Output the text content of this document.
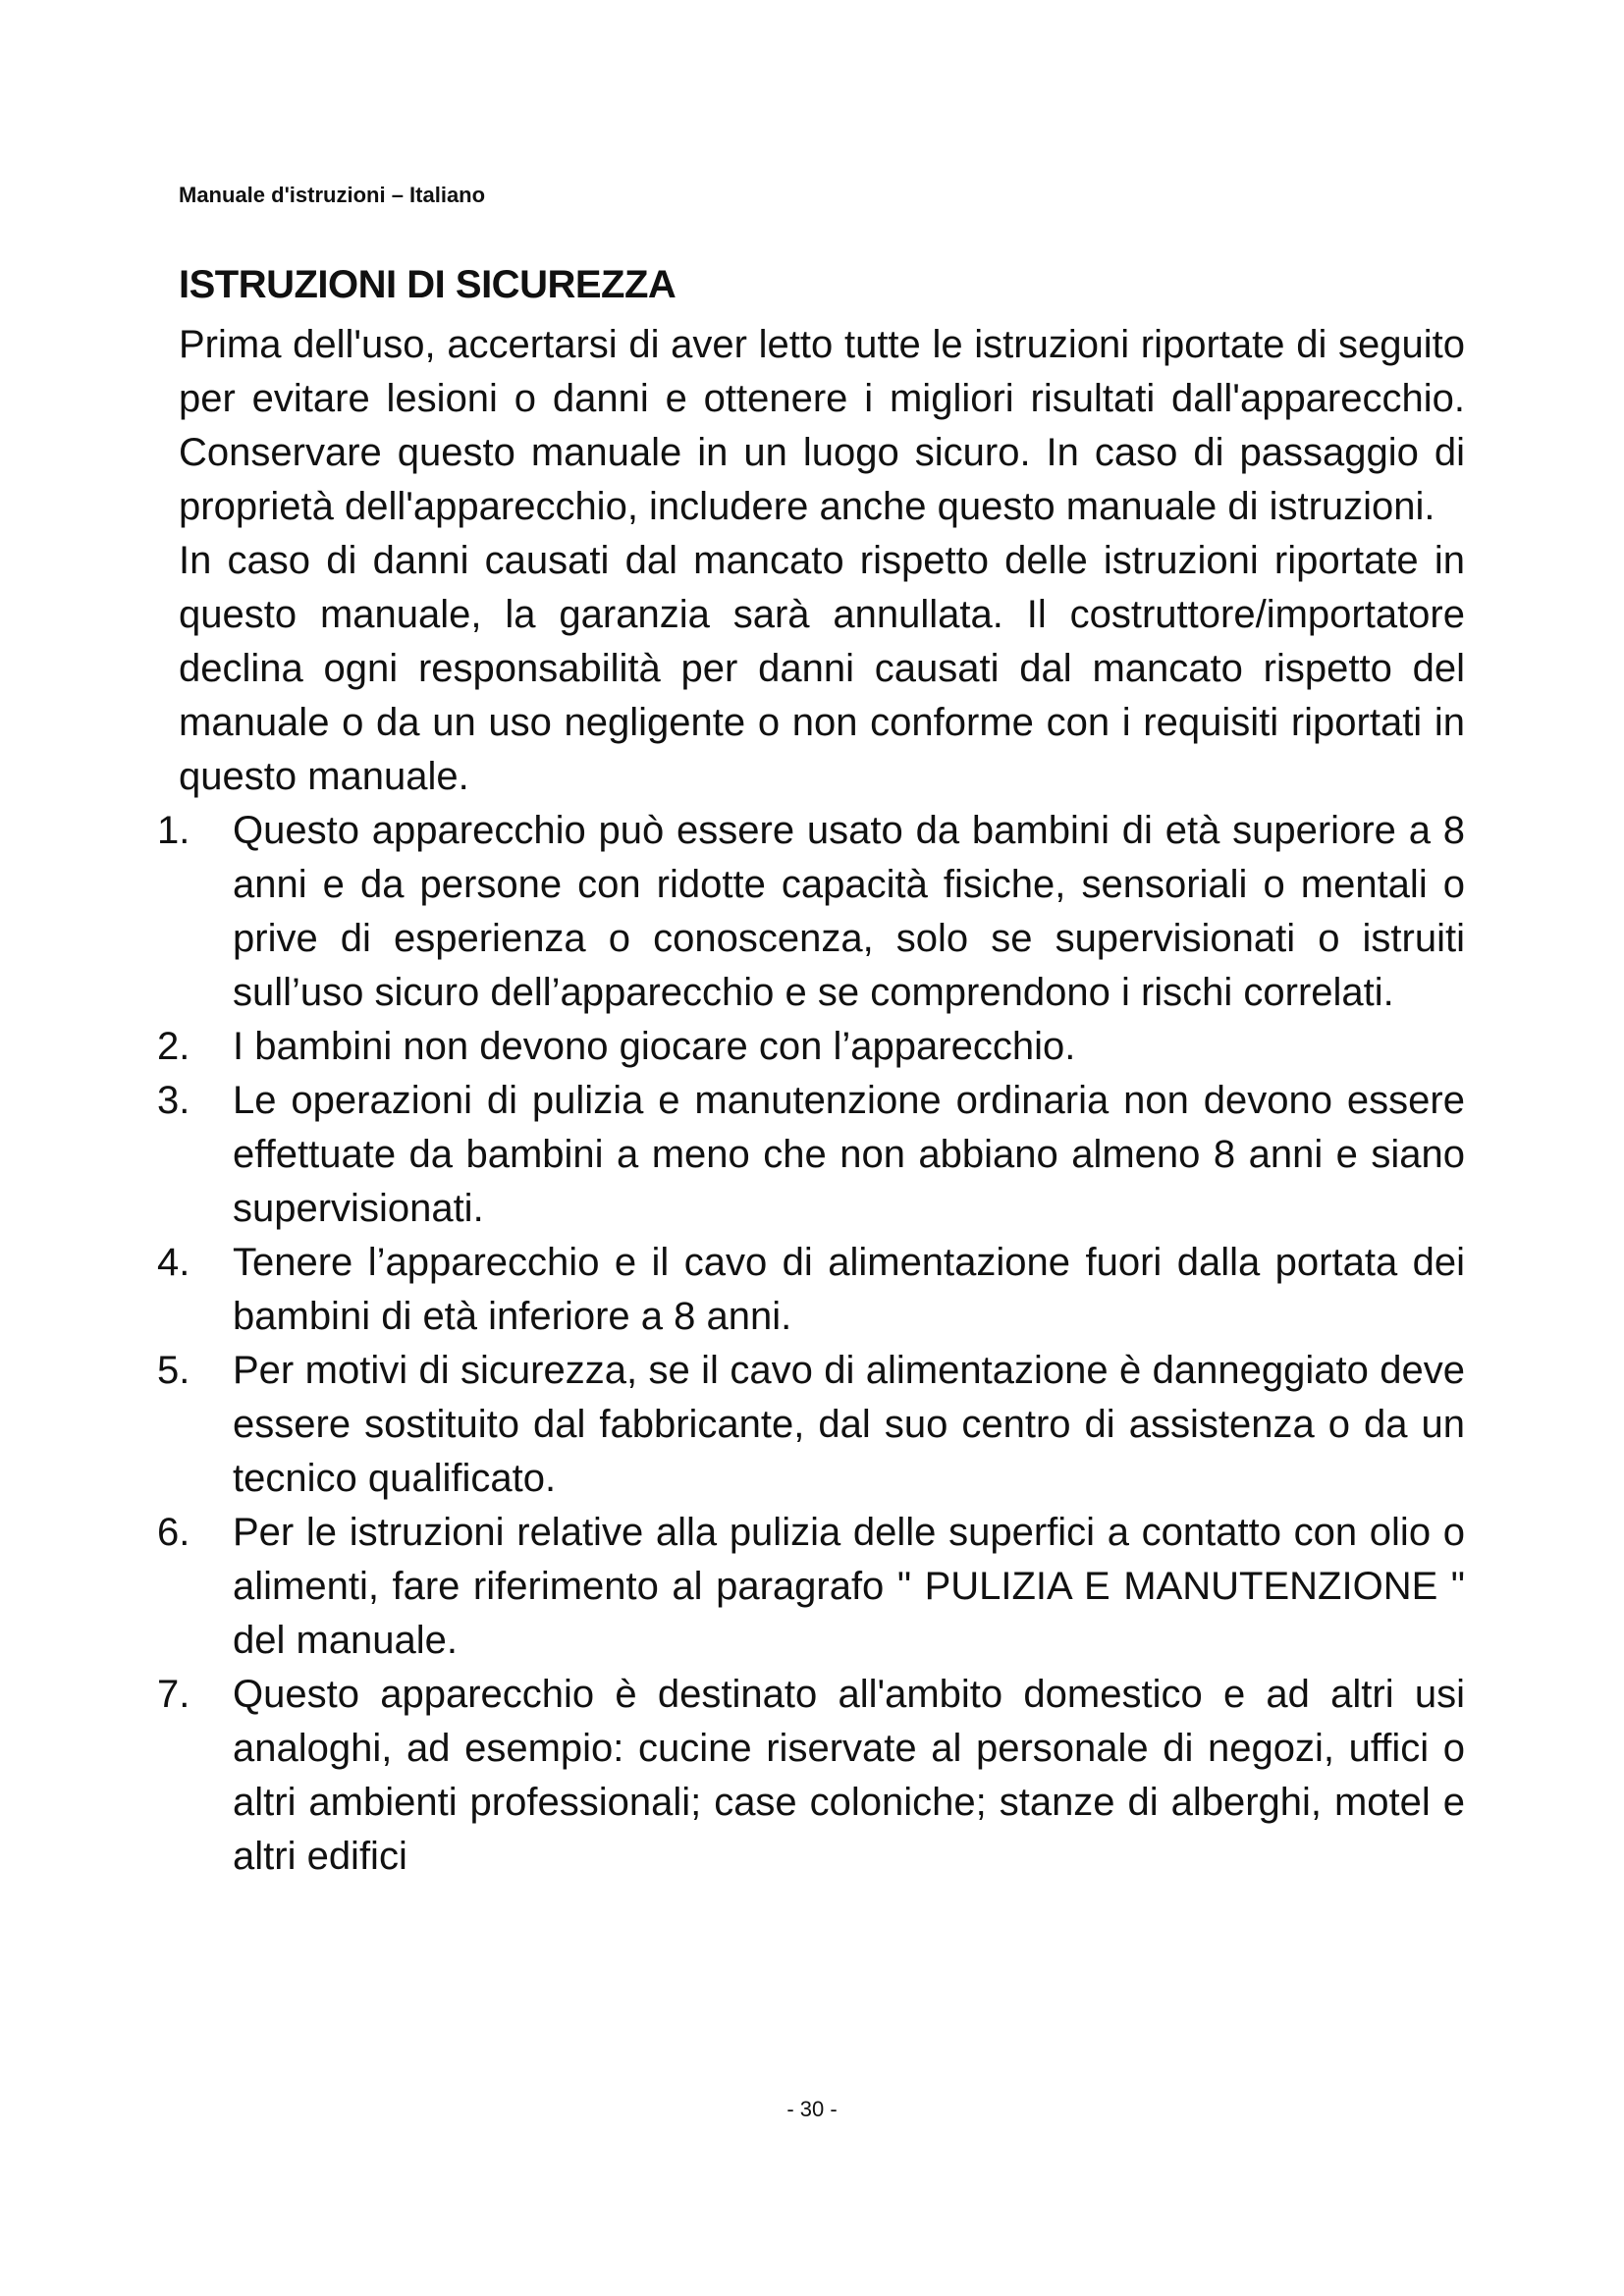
Manuale d'istruzioni – Italiano
ISTRUZIONI DI SICUREZZA

Prima dell'uso, accertarsi di aver letto tutte le istruzioni riportate di seguito per evitare lesioni o danni e ottenere i migliori risultati dall'apparecchio. Conservare questo manuale in un luogo sicuro. In caso di passaggio di proprietà dell'apparecchio, includere anche questo manuale di istruzioni.

In caso di danni causati dal mancato rispetto delle istruzioni riportate in questo manuale, la garanzia sarà annullata. Il costruttore/importatore declina ogni responsabilità per danni causati dal mancato rispetto del manuale o da un uso negligente o non conforme con i requisiti riportati in questo manuale.

1.	Questo apparecchio può essere usato da bambini di età superiore a 8 anni e da persone con ridotte capacità fisiche, sensoriali o mentali o prive di esperienza o conoscenza, solo se supervisionati o istruiti sull’uso sicuro dell’apparecchio e se comprendono i rischi correlati.
2.	I bambini non devono giocare con l’apparecchio.
3.	Le operazioni di pulizia e manutenzione ordinaria non devono essere effettuate da bambini a meno che non abbiano almeno 8 anni e siano supervisionati.
4.	Tenere l’apparecchio e il cavo di alimentazione fuori dalla portata dei bambini di età inferiore a 8 anni.
5.	Per motivi di sicurezza, se il cavo di alimentazione è danneggiato deve essere sostituito dal fabbricante, dal suo centro di assistenza o da un tecnico qualificato.
6.	Per le istruzioni relative alla pulizia delle superfici a contatto con olio o alimenti, fare riferimento al paragrafo " PULIZIA E MANUTENZIONE " del manuale.
7.	Questo apparecchio è destinato all'ambito domestico e ad altri usi analoghi, ad esempio: cucine riservate al personale di negozi, uffici o altri ambienti professionali; case coloniche; stanze di alberghi, motel e altri edifici
- 30 -
